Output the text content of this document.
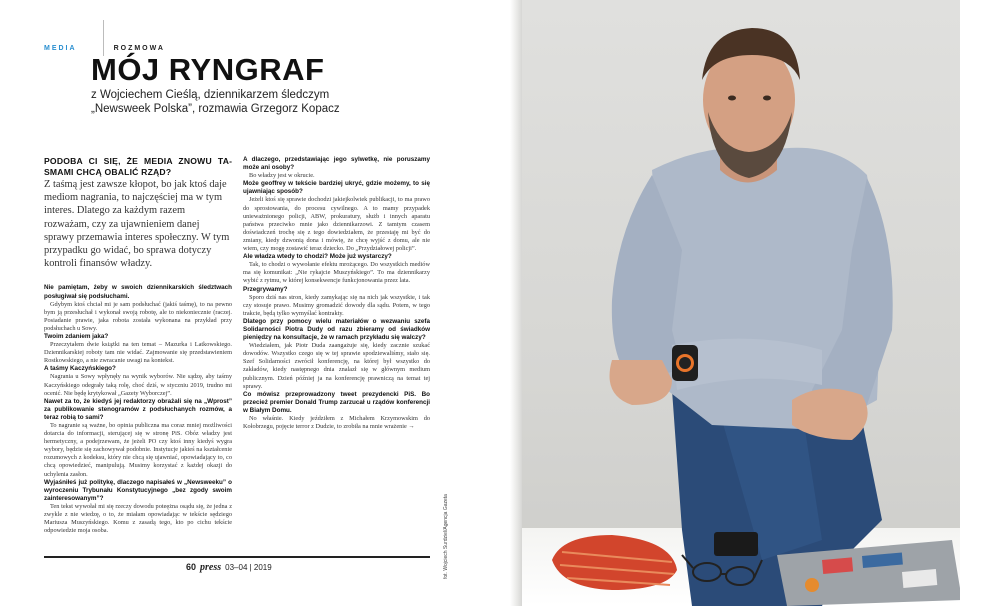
MEDIA	ROZMOWA
MÓJ RYNGRAF
z Wojciechem Cieślą, dziennikarzem śledczym
„Newsweek Polska”, rozmawia Grzegorz Kopacz
PODOBA CI SIĘ, ŻE MEDIA ZNOWU TASMAMI CHCĄ OBALIĆ RZĄD?
Z taśmą jest zawsze kłopot, bo jak ktoś daje mediom nagrania, to najczęściej ma w tym interes. Dlatego za każdym razem rozważam, czy za ujawnieniem danej sprawy przemawia interes społeczny. W tym przypadku go widać, bo sprawa dotyczy kontroli finansów władzy.
Nie pamiętam, żeby w swoich dziennikarskich śledztwach posługiwał się podsłuchami.
Gdybym ktoś chciał mi je sam podsłuchać (jakiś taśmę), to na pewno bym ją przesłuchał i wykonał swoją robotę, ale to niekoniecznie (raczej. Posiadanie prawie, jaka robota została wykonana na przykład przy podsłuchach u Sowy.
Twoim zdaniem jaka?
Przeczytałem dwie książki na ten temat – Mazurka i Latkowskiego. Dziennikarskiej roboty tam nie widać. Zajmowanie się przedstawieniem Rostkowskiego, a nie zwracanie uwagi na kontekst.
A taśmy Kaczyńskiego?
Nagrania u Sowy wpłynęły na wynik wyborów. Nie sądzę, aby taśmy Kaczyńskiego odegrały taką rolę, choć dziś, w styczniu 2019, trudno mi ocenić. Nie będę krytykował „Gazety Wyborczej”.
Nawet za to, że kiedyś jej redaktorzy obrażali się na „Wprost” za publikowanie stenogramów z podsłuchanych rozmów, a teraz robią to sami?
To nagranie są ważne, bo opinia publiczna ma coraz mniej możliwości dotarcia do informacji, sterującej się w stronę PiS. Obóz władzy jest hermetyczny, a podejrzewam, że jeżeli PO czy ktoś inny kiedyś wygra wybory, będzie się zachowywał podobnie. Instytucje jakieś na kształcenie rozumowych z kodeksu, który nie chcą się ujawniać, opowiadający to, co chcą opowiedzieć, manipulują. Musimy korzystać z każdej okazji do uchylenia zasłon.
Wyjaśniłeś już politykę, dlaczego napisałeś w „Newsweeku” o wyroczeniu Trybunału Konstytucyjnego „bez zgody swoim zainteresowanym”?
Ten tekst wywołał mi się rzeczy dowodu poteężna osądu się, że jedna z zwykle z nie wiedzę, o to, że miałam opowiadając w tekście sędziego Mariusza Muszyńskiego. Komu z zasadą tego, kto po cichu tekście odpowiedzie moja osoba.
A dlaczego, przedstawiając jego sylwetkę, nie poruszamy może ani osoby?
Bo władzy jest w okrucie.
Może geoffrey w tekście bardziej ukryć, gdzie możemy, to się ujawniając sposób?
Jeżeli ktoś się sprawie dochodzi jakiejkolwiek publikacji, to ma prawo do sprostowania, do procesu cywilnego. A to mamy przypadek unieważnionego policji, ABW, prokuratury, służb i innych aparatu państwa przeciwko mnie jako dziennikarzowi. Z tamtym czasem doświadczeń trochę się z tego dowiedziałem, że przestaję mi być do zmiany, kiedy dzwonią dona i mówię, że chcę wyjść z domu, ale nie wiem, czy mogę zostawić teraz dziecko. Do „Przydziałowej policji”.
Ale władza wtedy to chodzi? Może już wystarczy?
Tak, to chodzi o wywołanie efektu mrożącego. Do wszystkich mediów ma się komunikat: „Nie rykajcie Muszyńskiego”. To ma dziennikarzy wybić z rytmu, w której konsekwencje funkcjonowania przez lata.
Przegrywamy?
Sporo dziś nas stron, kiedy zamykając się na nich jak wszystkie, i tak czy stosuje prawo. Musimy gromadzić dowody dla sądu. Potem, w tego trakcie, będą tylko wymyślać kontrakty.
Dlatego przy pomocy wielu materiałów o wezwaniu szefa Solidarności Piotra Dudy od razu zbieramy od świadków pieniędzy na konsultacje, że w ramach przykładu się walczy?
Wiedziałem, jak Piotr Duda zaangażuje się, kiedy zacznie szukać dowodów. Wszystko czego się w tej sprawie spodziewaliśmy, stało się. Szef Solidarności zwrócił konferencję, na której był wszystko do zakładów, kiedy następnego dnia znalazł się w głównym medium publicznym. Dzień później ja na konferencję prawniczą na temat tej sprawy.
Co mówisz przeprowadzony tweet prezydencki PiS. Bo przecież premier Donald Trump zarzucał u rządów konferencji w Białym Domu.
No właśnie. Kiedy jeździłem z Michałem Krzymowskim do Kołobrzegu, pojęcie terror z Dudzie, to zrobiła na mnie wrażenie →
fot. Wojciech Surdziel/Agencja Gazeta
60 press 03–04 | 2019
